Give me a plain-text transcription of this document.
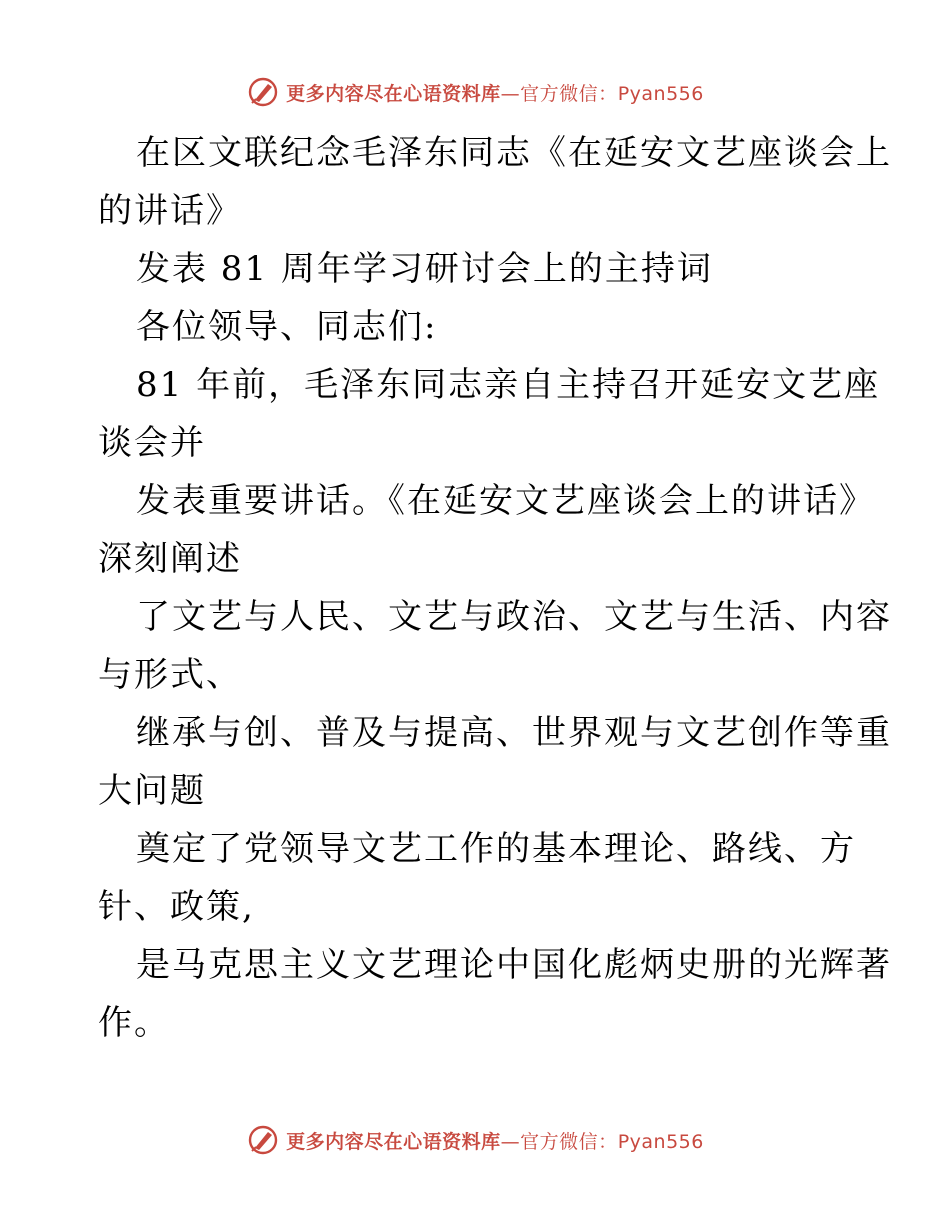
更多内容尽在心语资料库—官方微信：Pyan556
在区文联纪念毛泽东同志《在延安文艺座谈会上
的讲话》
发表 81 周年学习研讨会上的主持词
各位领导、同志们:
81 年前，毛泽东同志亲自主持召开延安文艺座
谈会并
发表重要讲话。《在延安文艺座谈会上的讲话》
深刻阐述
了文艺与人民、文艺与政治、文艺与生活、内容
与形式、
继承与创、普及与提高、世界观与文艺创作等重
大问题
奠定了党领导文艺工作的基本理论、路线、方
针、政策,
是马克思主义文艺理论中国化彪炳史册的光辉著
作。
更多内容尽在心语资料库—官方微信：Pyan556
